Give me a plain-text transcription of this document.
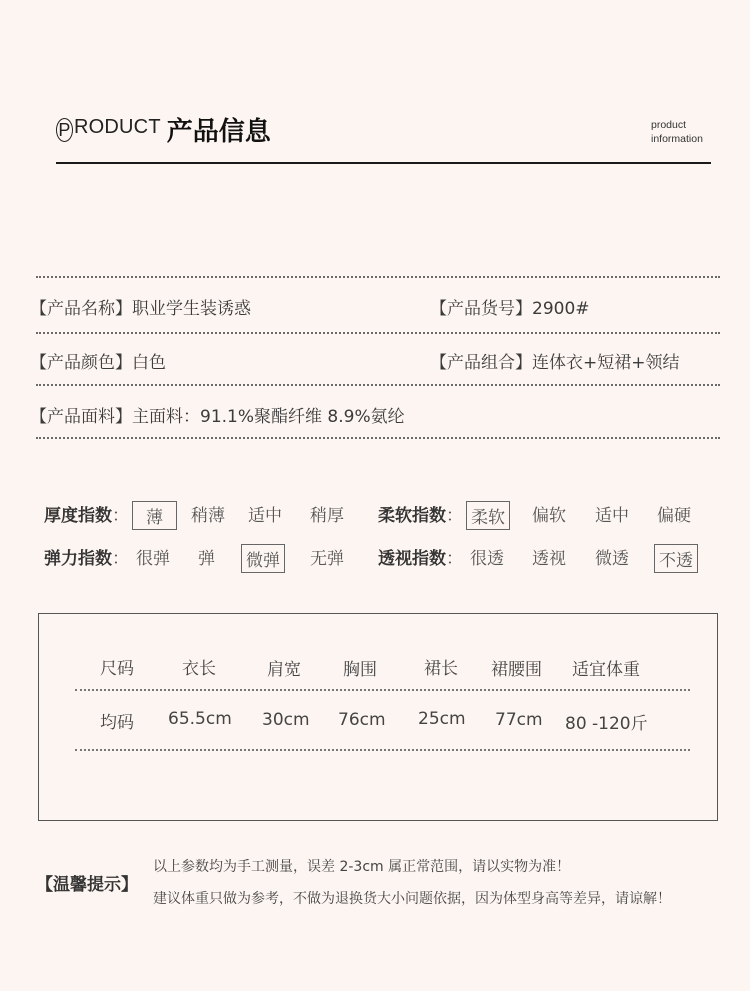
P RODUCT 产品信息	product
information
【产品名称】职业学生装诱惑	【产品货号】2900#
【产品颜色】白色	【产品组合】连体衣+短裙+领结
【产品面料】主面料：91.1%聚酯纤维 8.9%氨纶
厚度指数：	薄	稍薄 适中 稍厚 柔软指数： 柔软 偏软 适中 偏硬
弹力指数： 很弹 弹 微弹 无弹 透视指数： 很透 透视 微透 不透
尺码	衣长	肩宽 胸围	裙长 裙腰围 适宜体重
均码 65.5cm 30cm 76cm 25cm 77cm 80 -120斤
【温馨提示】
以上参数均为手工测量，误差 2-3cm 属正常范围，请以实物为准！
建议体重只做为参考，不做为退换货大小问题依据，因为体型身高等差异，请谅解！
